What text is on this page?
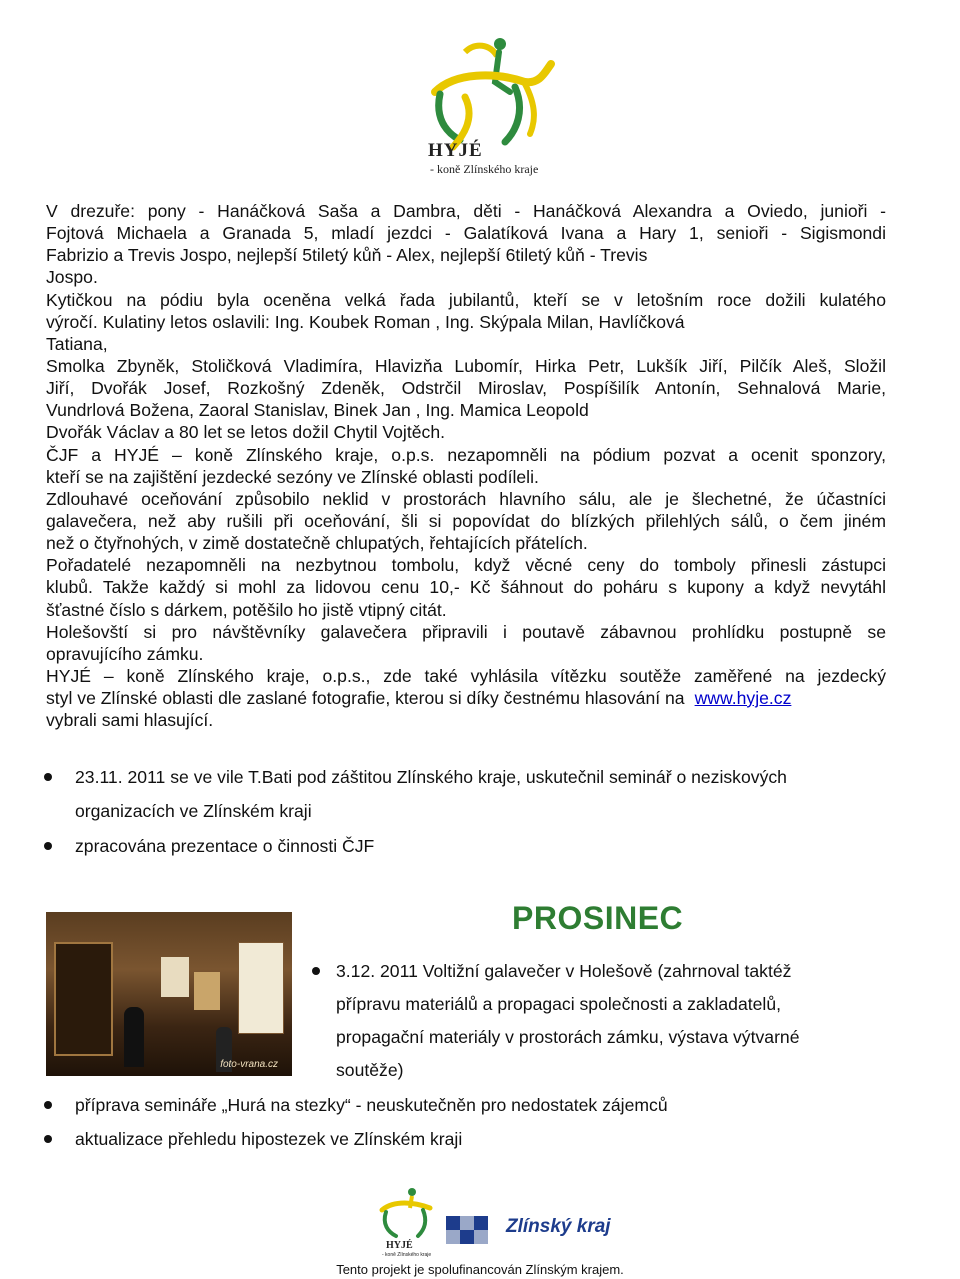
HYJÉ
- koně Zlínského kraje
V drezuře: pony - Hanáčková Saša a Dambra, děti - Hanáčková Alexandra a Oviedo, junioři -
Fojtová Michaela a Granada 5, mladí jezdci - Galatíková Ivana a Hary 1, senioři - Sigismondi
Fabrizio a Trevis Jospo, nejlepší 5tiletý kůň - Alex, nejlepší 6tiletý kůň - Trevis
Jospo.
Kytičkou na pódiu byla oceněna velká řada jubilantů, kteří se v letošním roce dožili kulatého
výročí. Kulatiny letos oslavili: Ing. Koubek Roman , Ing. Skýpala Milan, Havlíčková
Tatiana,
Smolka Zbyněk, Stoličková Vladimíra, Hlavizňa Lubomír, Hirka Petr, Lukšík Jiří, Pilčík Aleš, Složil
Jiří, Dvořák Josef, Rozkošný Zdeněk, Odstrčil Miroslav, Pospíšilík Antonín, Sehnalová Marie,
Vundrlová Božena, Zaoral Stanislav, Binek Jan , Ing. Mamica Leopold
Dvořák Václav a 80 let se letos dožil Chytil Vojtěch.
ČJF a HYJÉ – koně Zlínského kraje, o.p.s. nezapomněli na pódium pozvat a ocenit sponzory,
kteří se na zajištění jezdecké sezóny ve Zlínské oblasti podíleli.
Zdlouhavé oceňování způsobilo neklid v prostorách hlavního sálu, ale je šlechetné, že účastníci
galavečera, než aby rušili při oceňování, šli si popovídat do blízkých přilehlých sálů, o čem jiném
než o čtyřnohých, v zimě dostatečně chlupatých, řehtajících přátelích.
Pořadatelé nezapomněli na nezbytnou tombolu, když věcné ceny do tomboly přinesli zástupci
klubů. Takže každý si mohl za lidovou cenu 10,- Kč šáhnout do poháru s kupony a když nevytáhl
šťastné číslo s dárkem, potěšilo ho jistě vtipný citát.
Holešovští si pro návštěvníky galavečera připravili i poutavě zábavnou prohlídku postupně se
opravujícího zámku.
HYJÉ – koně Zlínského kraje, o.p.s., zde také vyhlásila vítězku soutěže zaměřené na jezdecký
styl ve Zlínské oblasti dle zaslané fotografie, kterou si díky čestnému hlasování na www.hyje.cz
vybrali sami hlasující.
23.11. 2011 se ve vile T.Bati pod záštitou Zlínského kraje, uskutečnil seminář o neziskových
organizacích ve Zlínském kraji
zpracována prezentace o činnosti ČJF
PROSINEC
foto-vrana.cz
3.12. 2011 Voltižní galavečer v Holešově (zahrnoval taktéž
přípravu materiálů a propagaci společnosti a zakladatelů,
propagační materiály v prostorách zámku, výstava výtvarné
soutěže)
příprava semináře „Hurá na stezky“ - neuskutečněn pro nedostatek zájemců
aktualizace přehledu hipostezek ve Zlínském kraji
HYJÉ
- koně Zlínského kraje
Zlínský kraj
Tento projekt je spolufinancován Zlínským krajem.
